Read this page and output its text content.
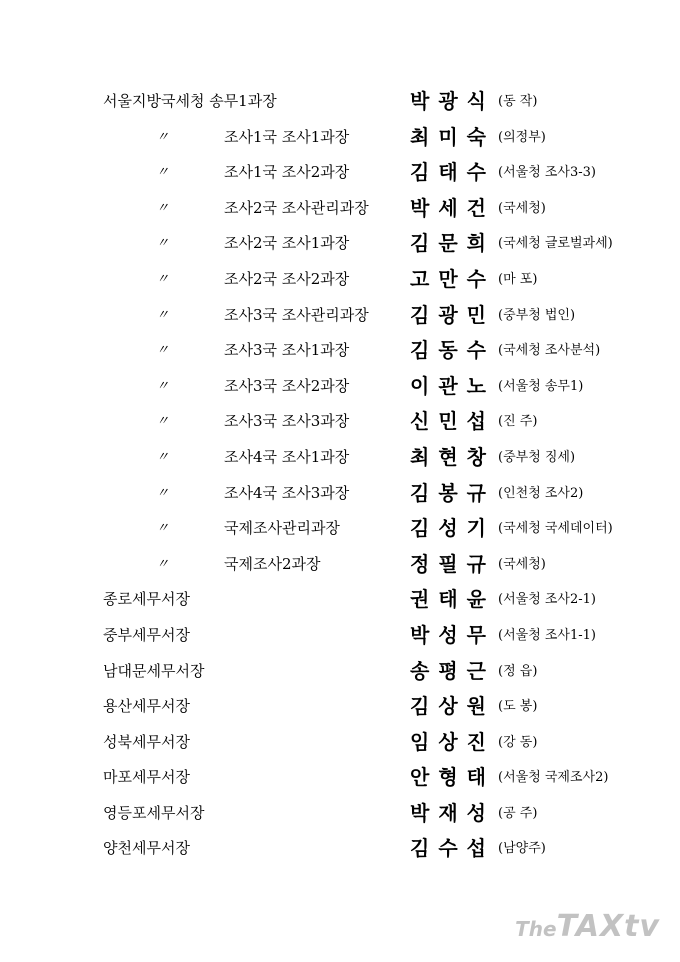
서울지방국세청 송무1과장	박광식 (동 작)
〃	조사1국 조사1과장	최미숙 (의정부)
〃	조사1국 조사2과장	김태수 (서울청 조사3-3)
〃	조사2국 조사관리과장 박세건 (국세청)
〃	조사2국 조사1과장	김문희 (국세청 글로벌과세)
〃	조사2국 조사2과장	고만수 (마 포)
〃	조사3국 조사관리과장 김광민 (중부청 법인)
〃	조사3국 조사1과장	김동수 (국세청 조사분석)
〃	조사3국 조사2과장	이관노 (서울청 송무1)
〃	조사3국 조사3과장	신민섭 (진 주)
〃	조사4국 조사1과장	최현창 (중부청 징세)
〃	조사4국 조사3과장	김봉규 (인천청 조사2)
〃	국제조사관리과장	김성기 (국세청 국세데이터)
〃	국제조사2과장	정필규 (국세청)
종로세무서장	권태윤 (서울청 조사2-1)
중부세무서장	박성무 (서울청 조사1-1)
남대문세무서장	송평근 (정 읍)
용산세무서장	김상원 (도 봉)
성북세무서장	임상진 (강 동)
마포세무서장	안형태 (서울청 국제조사2)
영등포세무서장	박재성 (공 주)
양천세무서장	김수섭 (남양주)
TheTAXtv
